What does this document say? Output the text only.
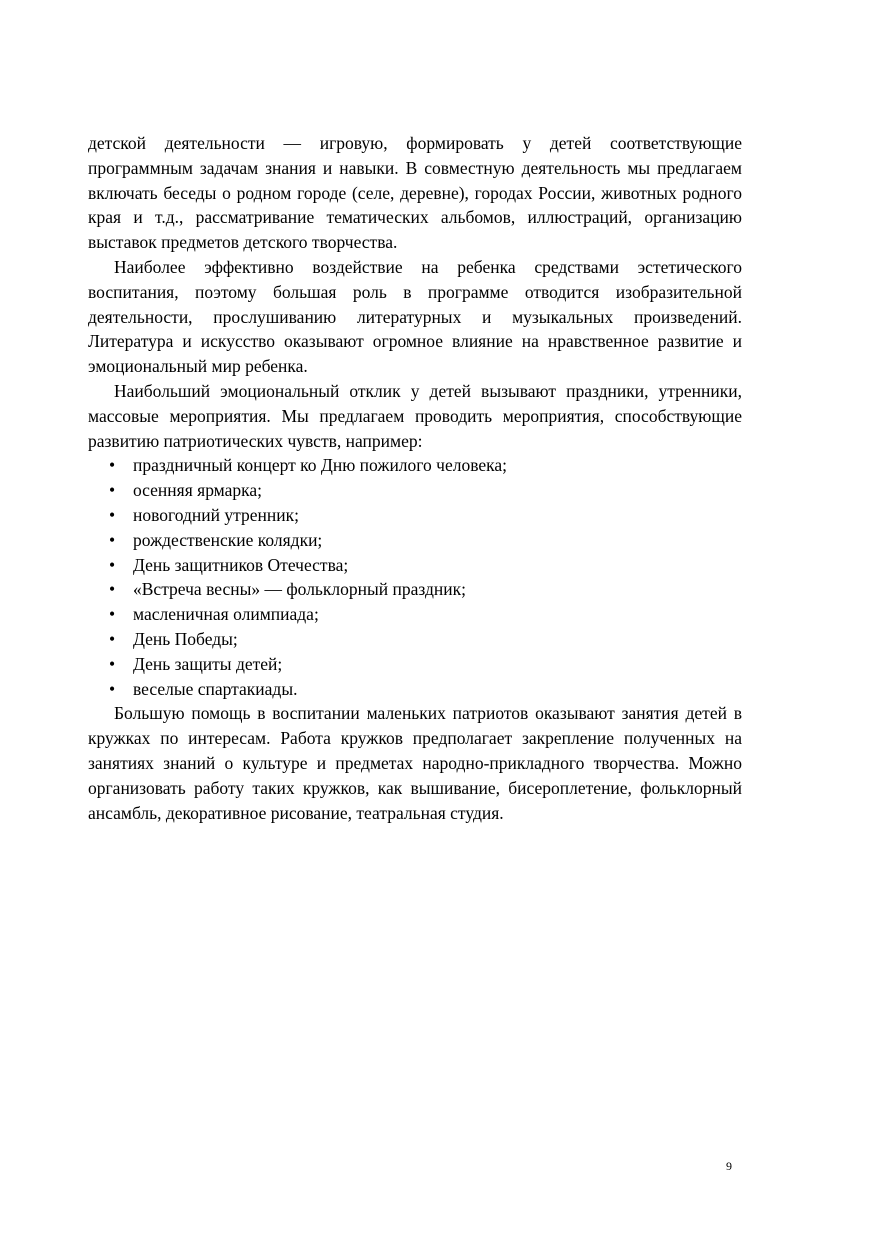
детской деятельности — игровую, формировать у детей соответствующие программным задачам знания и навыки. В совместную деятельность мы предлагаем включать беседы о родном городе (селе, деревне), городах России, животных родного края и т.д., рассматривание тематических альбомов, иллюстраций, организацию выставок предметов детского творчества.

Наиболее эффективно воздействие на ребенка средствами эстетического воспитания, поэтому большая роль в программе отводится изобразительной деятельности, прослушиванию литературных и музыкальных произведений. Литература и искусство оказывают огромное влияние на нравственное развитие и эмоциональный мир ребенка.

Наибольший эмоциональный отклик у детей вызывают праздники, утренники, массовые мероприятия. Мы предлагаем проводить мероприятия, способствующие развитию патриотических чувств, например:

• праздничный концерт ко Дню пожилого человека;
• осенняя ярмарка;
• новогодний утренник;
• рождественские колядки;
• День защитников Отечества;
• «Встреча весны» — фольклорный праздник;
• масленичная олимпиада;
• День Победы;
• День защиты детей;
• веселые спартакиады.

Большую помощь в воспитании маленьких патриотов оказывают занятия детей в кружках по интересам. Работа кружков предполагает закрепление полученных на занятиях знаний о культуре и предметах народно-прикладного творчества. Можно организовать работу таких кружков, как вышивание, бисероплетение, фольклорный ансамбль, декоративное рисование, театральная студия.

9
